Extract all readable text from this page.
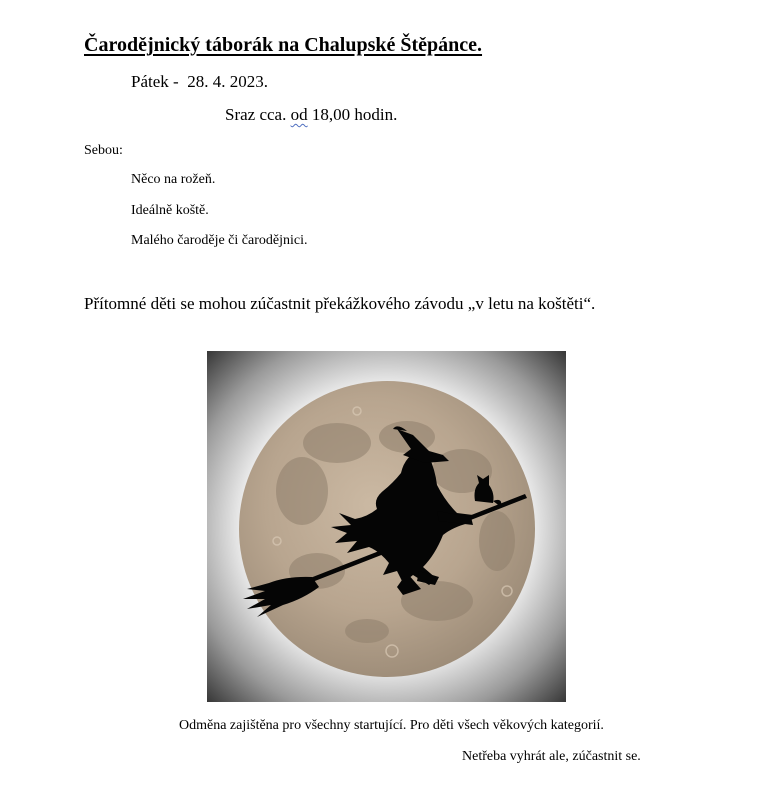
Čarodějnický táborák na Chalupské Štěpánce.
Pátek - 28. 4. 2023.
Sraz cca. od 18,00 hodin.
Sebou:
Něco na rožeň.
Ideálně koště.
Malého čaroděje či čarodějnici.
Přítomné děti se mohou zúčastnit překážkového závodu „v letu na koštěti“.
Odměna zajištěna pro všechny startující. Pro děti všech věkových kategorií.
Netřeba vyhrát ale, zúčastnit se.
